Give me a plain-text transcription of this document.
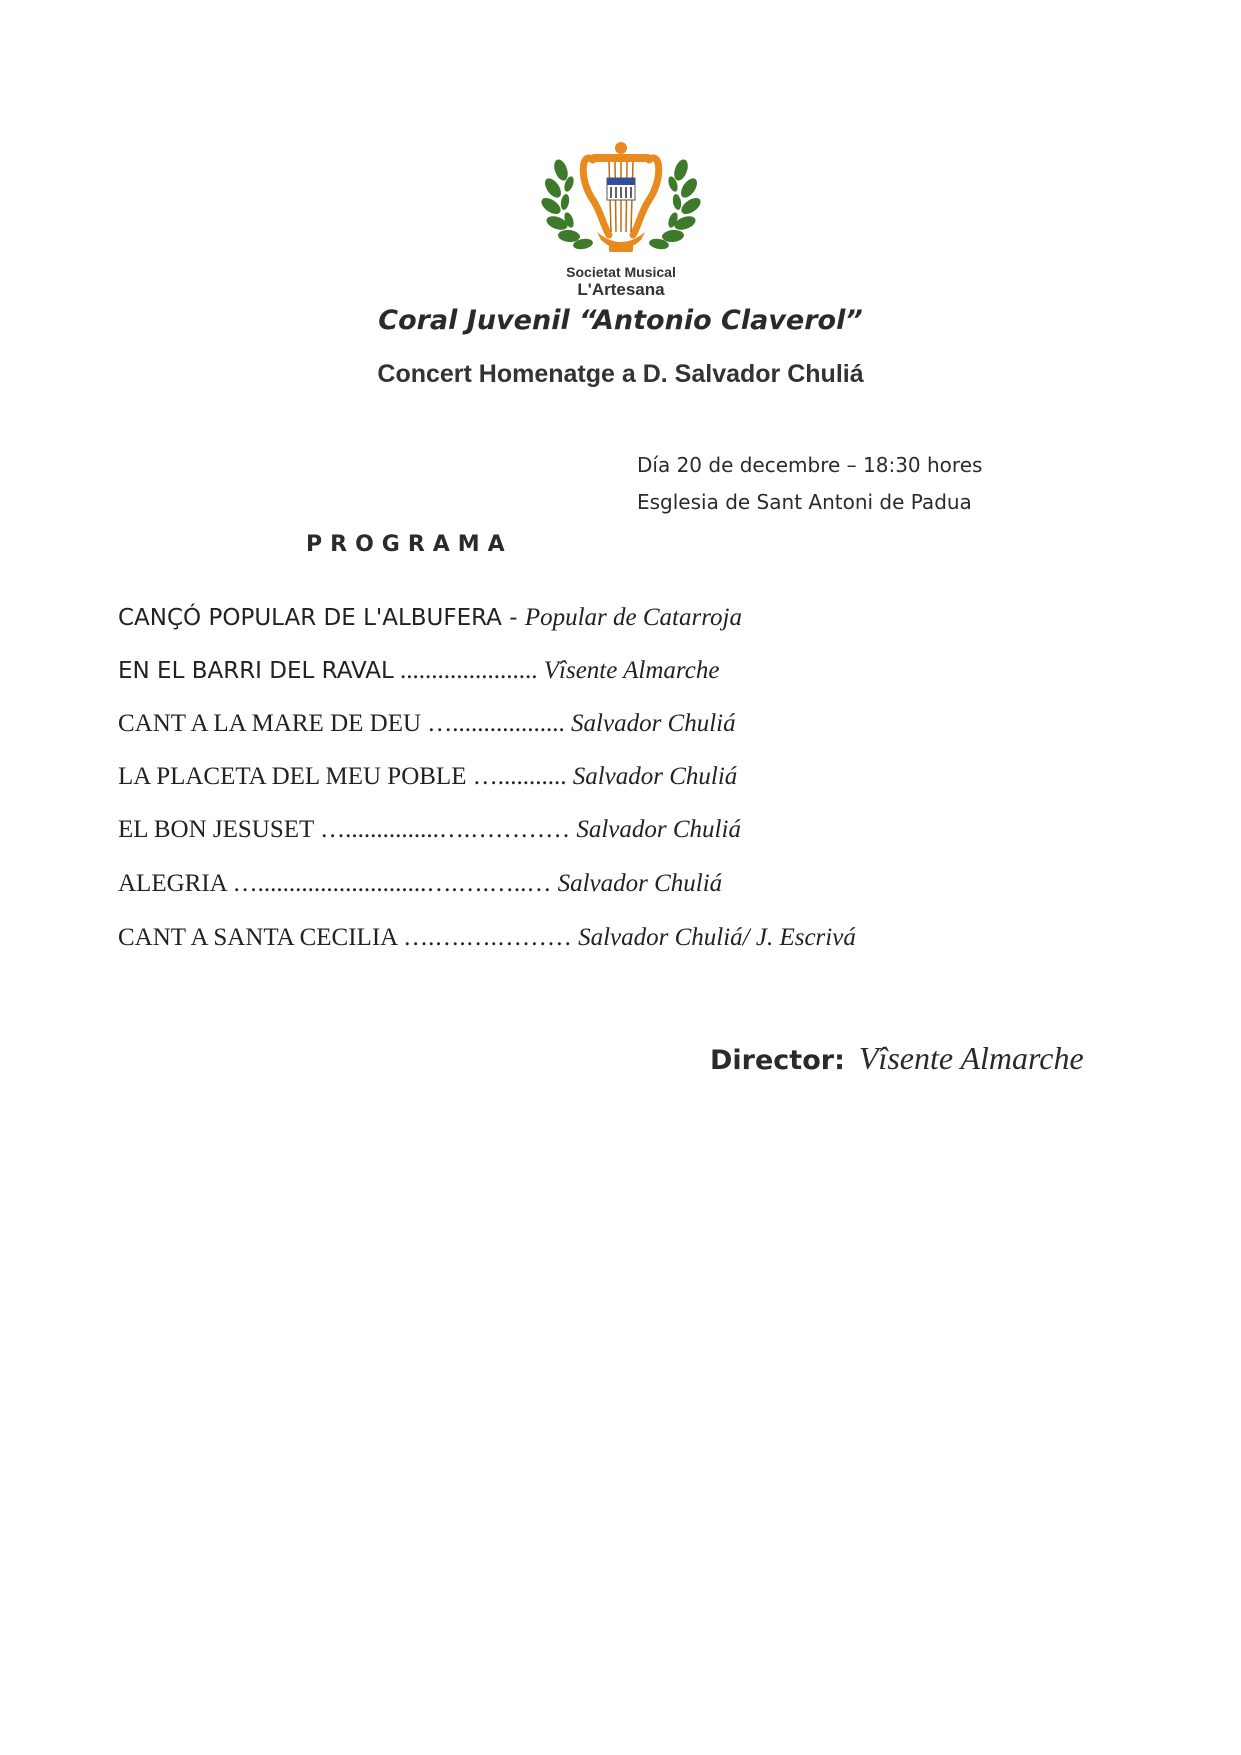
Societat Musical
L'Artesana
Coral Juvenil “Antonio Claverol”
Concert Homenatge a D. Salvador Chuliá
Día 20 de decembre – 18:30 hores
Esglesia de Sant Antoni de Padua
PROGRAMA
CANÇÓ POPULAR DE L'ALBUFERA - Popular de Catarroja
EN EL BARRI DEL RAVAL ...................... Vîsente Almarche
CANT A LA MARE DE DEU ….................. Salvador Chuliá
LA PLACETA DEL MEU POBLE …........... Salvador Chuliá
EL BON JESUSET …...............….………… Salvador Chuliá
ALEGRIA …...........................….….…..… Salvador Chuliá
CANT A SANTA CECILIA ….….….……… Salvador Chuliá/ J. Escrivá
Director: Vîsente Almarche
